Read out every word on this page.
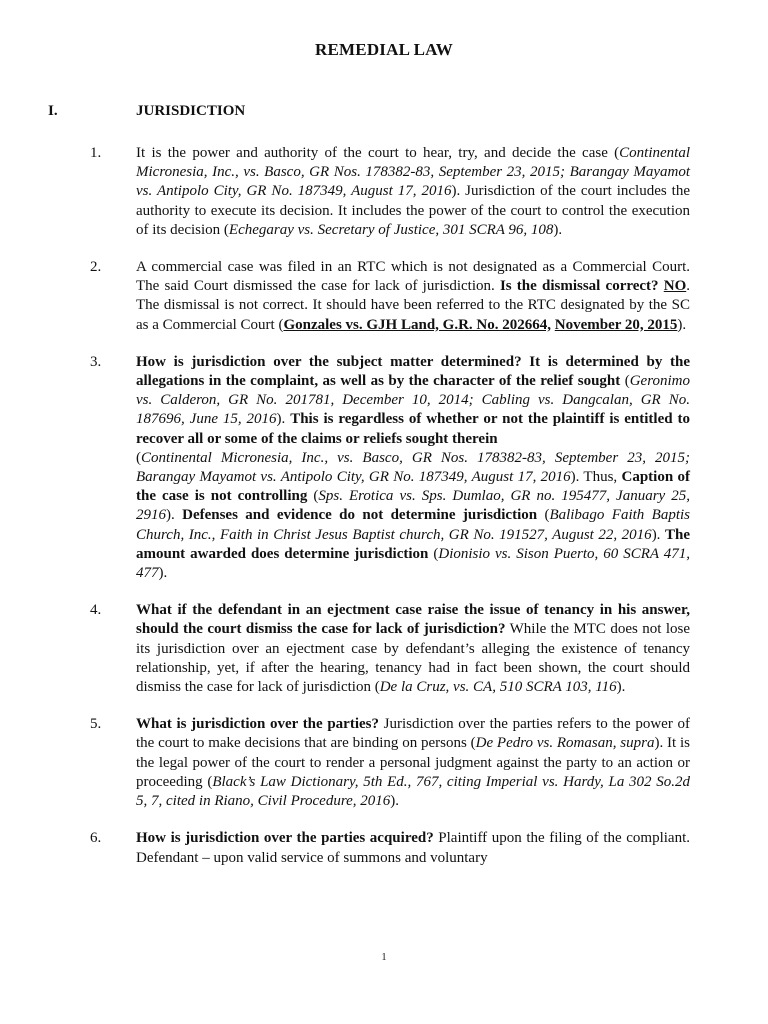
REMEDIAL LAW
I.	JURISDICTION
1. It is the power and authority of the court to hear, try, and decide the case (Continental Micronesia, Inc., vs. Basco, GR Nos. 178382-83, September 23, 2015; Barangay Mayamot vs. Antipolo City, GR No. 187349, August 17, 2016). Jurisdiction of the court includes the authority to execute its decision. It includes the power of the court to control the execution of its decision (Echegaray vs. Secretary of Justice, 301 SCRA 96, 108).

2. A commercial case was filed in an RTC which is not designated as a Commercial Court. The said Court dismissed the case for lack of jurisdiction. Is the dismissal correct? NO. The dismissal is not correct. It should have been referred to the RTC designated by the SC as a Commercial Court (Gonzales vs. GJH Land, G.R. No. 202664, November 20, 2015).

3. How is jurisdiction over the subject matter determined? It is determined by the allegations in the complaint, as well as by the character of the relief sought (Geronimo vs. Calderon, GR No. 201781, December 10, 2014; Cabling vs. Dangcalan, GR No. 187696, June 15, 2016). This is regardless of whether or not the plaintiff is entitled to recover all or some of the claims or reliefs sought therein
(Continental Micronesia, Inc., vs. Basco, GR Nos. 178382-83, September 23, 2015; Barangay Mayamot vs. Antipolo City, GR No. 187349, August 17, 2016). Thus, Caption of the case is not controlling (Sps. Erotica vs. Sps. Dumlao, GR no. 195477, January 25, 2916). Defenses and evidence do not determine jurisdiction (Balibago Faith Baptis Church, Inc., Faith in Christ Jesus Baptist church, GR No. 191527, August 22, 2016). The amount awarded does determine jurisdiction (Dionisio vs. Sison Puerto, 60 SCRA 471, 477).

4. What if the defendant in an ejectment case raise the issue of tenancy in his answer, should the court dismiss the case for lack of jurisdiction? While the MTC does not lose its jurisdiction over an ejectment case by defendant’s alleging the existence of tenancy relationship, yet, if after the hearing, tenancy had in fact been shown, the court should dismiss the case for lack of jurisdiction (De la Cruz, vs. CA, 510 SCRA 103, 116).

5. What is jurisdiction over the parties? Jurisdiction over the parties refers to the power of the court to make decisions that are binding on persons (De Pedro vs. Romasan, supra). It is the legal power of the court to render a personal judgment against the party to an action or proceeding (Black’s Law Dictionary, 5th Ed., 767, citing Imperial vs. Hardy, La 302 So.2d 5, 7, cited in Riano, Civil Procedure, 2016).

6. How is jurisdiction over the parties acquired? Plaintiff upon the filing of the compliant. Defendant – upon valid service of summons and voluntary

1
